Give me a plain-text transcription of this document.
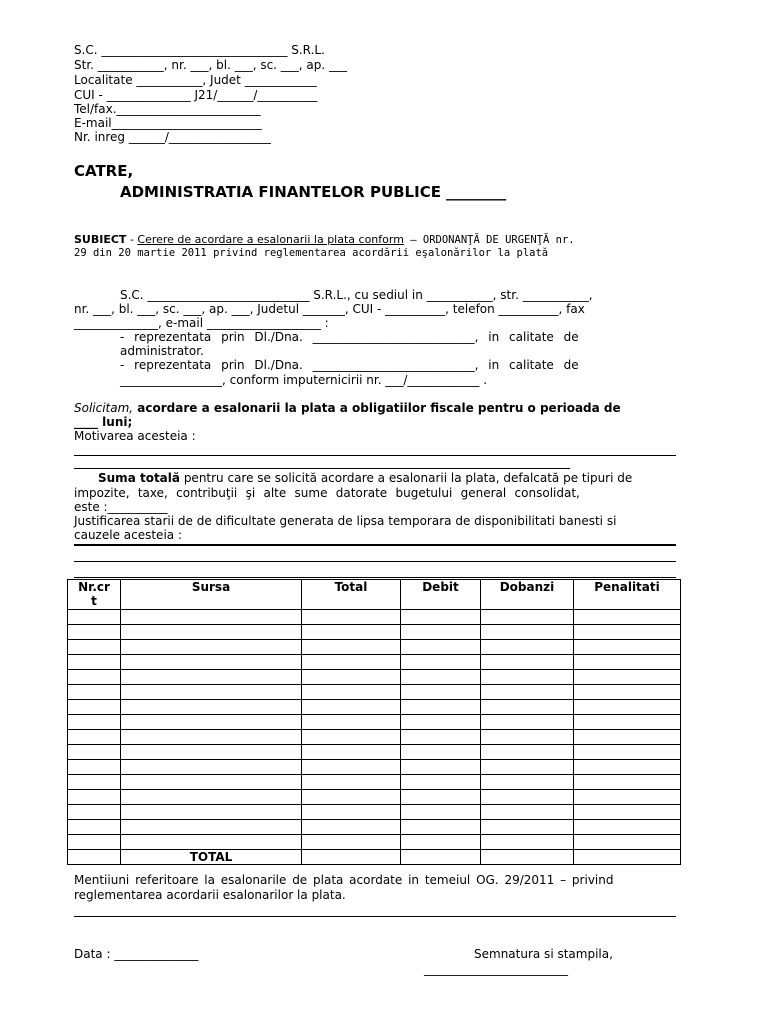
S.C. _______________________________ S.R.L.
Str. ___________, nr. ___, bl. ___, sc. ___, ap. ___
Localitate ___________, Judet ____________
CUI - ______________ J21/______/__________
Tel/fax.________________________
E-mail_________________________
Nr. inreg ______/_________________
CATRE,
ADMINISTRATIA FINANTELOR PUBLICE ________
SUBIECT - Cerere de acordare a esalonarii la plata conform – ORDONANŢĂ DE URGENŢĂ nr.
29 din 20 martie 2011 privind reglementarea acordării eşalonărilor la plată
S.C. ___________________________ S.R.L., cu sediul in ___________, str. ___________,
nr. ___, bl. ___, sc. ___, ap. ___, Judetul _______, CUI - __________, telefon __________, fax
______________, e-mail ___________________ :
- reprezentata prin Dl./Dna. ___________________________, in calitate de
administrator.
- reprezentata prin Dl./Dna. ___________________________, in calitate de
_________________, conform imputernicirii nr. ___/____________ .
Solicitam, acordare a esalonarii la plata a obligatiilor fiscale pentru o perioada de
____ luni;
Motivarea acesteia :
Suma totală pentru care se solicită acordare a esalonarii la plata, defalcată pe tipuri de
impozite, taxe, contribuţii şi alte sume datorate bugetului general consolidat,
este :__________
Justificarea starii de de dificultate generata de lipsa temporara de disponibilitati banesti si
cauzele acesteia :
Nr.cr t	Sursa	Total	Debit	Dobanzi	Penalitati

	TOTAL				
Mentiiuni referitoare la esalonarile de plata acordate in temeiul OG. 29/2011 – privind
reglementarea acordarii esalonarilor la plata.
Data : ______________	Semnatura si stampila,
________________________
